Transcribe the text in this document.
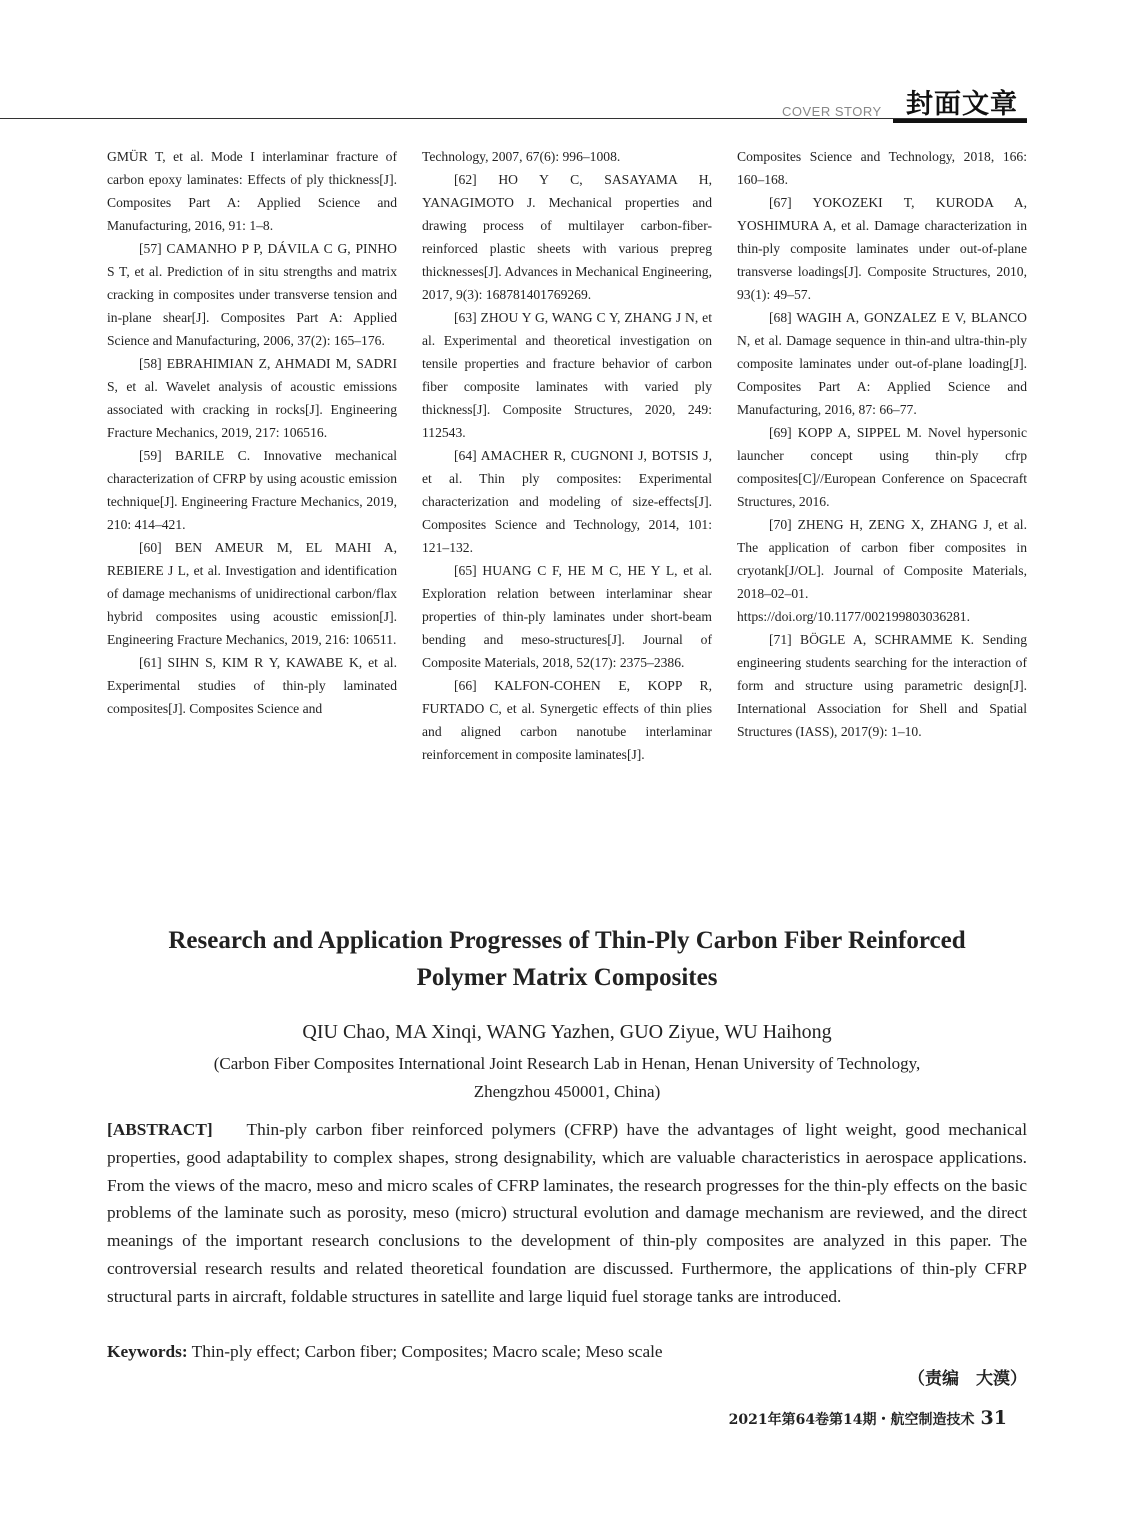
COVER STORY 封面文章

GMÜR T, et al. Mode I interlaminar fracture of carbon epoxy laminates: Effects of ply thickness[J]. Composites Part A: Applied Science and Manufacturing, 2016, 91: 1–8.

[57] CAMANHO P P, DÁVILA C G, PINHO S T, et al. Prediction of in situ strengths and matrix cracking in composites under transverse tension and in-plane shear[J]. Composites Part A: Applied Science and Manufacturing, 2006, 37(2): 165–176.

[58] EBRAHIMIAN Z, AHMADI M, SADRI S, et al. Wavelet analysis of acoustic emissions associated with cracking in rocks[J]. Engineering Fracture Mechanics, 2019, 217: 106516.

[59] BARILE C. Innovative mechanical characterization of CFRP by using acoustic emission technique[J]. Engineering Fracture Mechanics, 2019, 210: 414–421.

[60] BEN AMEUR M, EL MAHI A, REBIERE J L, et al. Investigation and identification of damage mechanisms of unidirectional carbon/flax hybrid composites using acoustic emission[J]. Engineering Fracture Mechanics, 2019, 216: 106511.

[61] SIHN S, KIM R Y, KAWABE K, et al. Experimental studies of thin-ply laminated composites[J]. Composites Science and

Technology, 2007, 67(6): 996–1008.

[62] HO Y C, SASAYAMA H, YANAGIMOTO J. Mechanical properties and drawing process of multilayer carbon-fiber-reinforced plastic sheets with various prepreg thicknesses[J]. Advances in Mechanical Engineering, 2017, 9(3): 168781401769269.

[63] ZHOU Y G, WANG C Y, ZHANG J N, et al. Experimental and theoretical investigation on tensile properties and fracture behavior of carbon fiber composite laminates with varied ply thickness[J]. Composite Structures, 2020, 249: 112543.

[64] AMACHER R, CUGNONI J, BOTSIS J, et al. Thin ply composites: Experimental characterization and modeling of size-effects[J]. Composites Science and Technology, 2014, 101: 121–132.

[65] HUANG C F, HE M C, HE Y L, et al. Exploration relation between interlaminar shear properties of thin-ply laminates under short-beam bending and meso-structures[J]. Journal of Composite Materials, 2018, 52(17): 2375–2386.

[66] KALFON-COHEN E, KOPP R, FURTADO C, et al. Synergetic effects of thin plies and aligned carbon nanotube interlaminar reinforcement in composite laminates[J].

Composites Science and Technology, 2018, 166: 160–168.

[67] YOKOZEKI T, KURODA A, YOSHIMURA A, et al. Damage characterization in thin-ply composite laminates under out-of-plane transverse loadings[J]. Composite Structures, 2010, 93(1): 49–57.

[68] WAGIH A, GONZALEZ E V, BLANCO N, et al. Damage sequence in thin-and ultra-thin-ply composite laminates under out-of-plane loading[J]. Composites Part A: Applied Science and Manufacturing, 2016, 87: 66–77.

[69] KOPP A, SIPPEL M. Novel hypersonic launcher concept using thin-ply cfrp composites[C]//European Conference on Spacecraft Structures, 2016.

[70] ZHENG H, ZENG X, ZHANG J, et al. The application of carbon fiber composites in cryotank[J/OL]. Journal of Composite Materials, 2018–02–01. https://doi.org/10.1177/002199803036281.

[71] BÖGLE A, SCHRAMME K. Sending engineering students searching for the interaction of form and structure using parametric design[J]. International Association for Shell and Spatial Structures (IASS), 2017(9): 1–10.

Research and Application Progresses of Thin-Ply Carbon Fiber Reinforced
Polymer Matrix Composites
QIU Chao, MA Xinqi, WANG Yazhen, GUO Ziyue, WU Haihong
(Carbon Fiber Composites International Joint Research Lab in Henan, Henan University of Technology,
Zhengzhou 450001, China)

[ABSTRACT] Thin-ply carbon fiber reinforced polymers (CFRP) have the advantages of light weight, good mechanical properties, good adaptability to complex shapes, strong designability, which are valuable characteristics in aerospace applications. From the views of the macro, meso and micro scales of CFRP laminates, the research progresses for the thin-ply effects on the basic problems of the laminate such as porosity, meso (micro) structural evolution and damage mechanism are reviewed, and the direct meanings of the important research conclusions to the development of thin-ply composites are analyzed in this paper. The controversial research results and related theoretical foundation are discussed. Furthermore, the applications of thin-ply CFRP structural parts in aircraft, foldable structures in satellite and large liquid fuel storage tanks are introduced.

Keywords: Thin-ply effect; Carbon fiber; Composites; Macro scale; Meso scale

（责编　大漠）
2021年第64卷第14期・航空制造技术 31
